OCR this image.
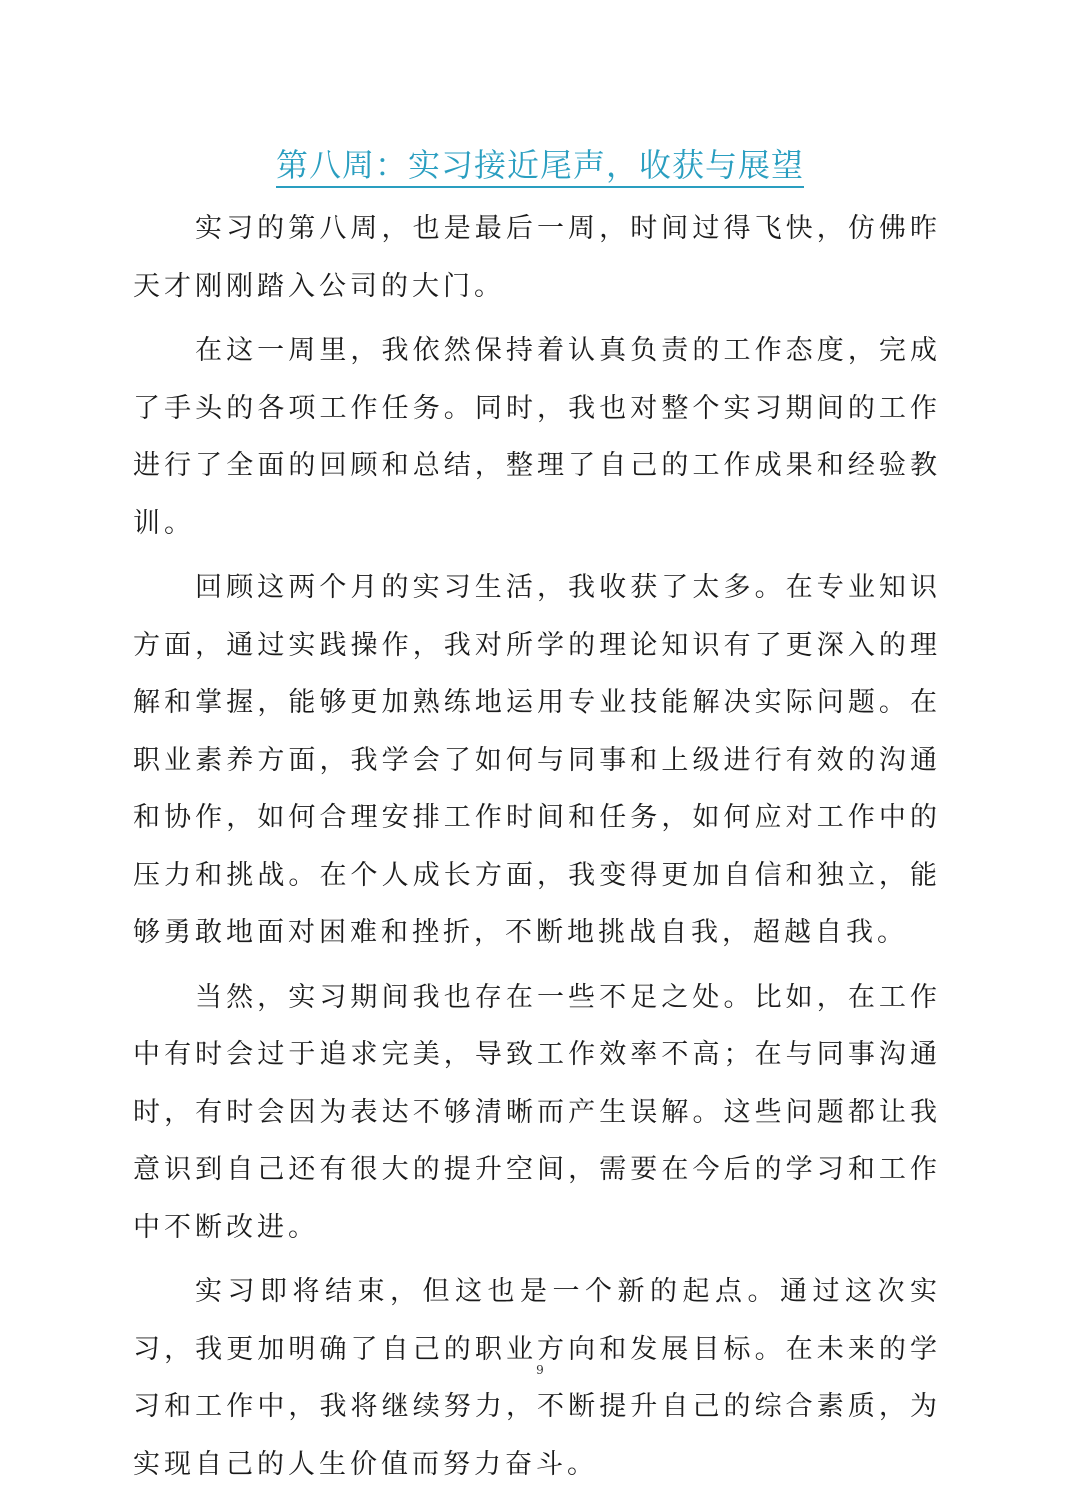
第八周：实习接近尾声，收获与展望

实习的第八周，也是最后一周，时间过得飞快，仿佛昨天才刚刚踏入公司的大门。

在这一周里，我依然保持着认真负责的工作态度，完成了手头的各项工作任务。同时，我也对整个实习期间的工作进行了全面的回顾和总结，整理了自己的工作成果和经验教训。

回顾这两个月的实习生活，我收获了太多。在专业知识方面，通过实践操作，我对所学的理论知识有了更深入的理解和掌握，能够更加熟练地运用专业技能解决实际问题。在职业素养方面，我学会了如何与同事和上级进行有效的沟通和协作，如何合理安排工作时间和任务，如何应对工作中的压力和挑战。在个人成长方面，我变得更加自信和独立，能够勇敢地面对困难和挫折，不断地挑战自我，超越自我。

当然，实习期间我也存在一些不足之处。比如，在工作中有时会过于追求完美，导致工作效率不高；在与同事沟通时，有时会因为表达不够清晰而产生误解。这些问题都让我意识到自己还有很大的提升空间，需要在今后的学习和工作中不断改进。

实习即将结束，但这也是一个新的起点。通过这次实习，我更加明确了自己的职业方向和发展目标。在未来的学习和工作中，我将继续努力，不断提升自己的综合素质，为实现自己的人生价值而努力奋斗。

9
